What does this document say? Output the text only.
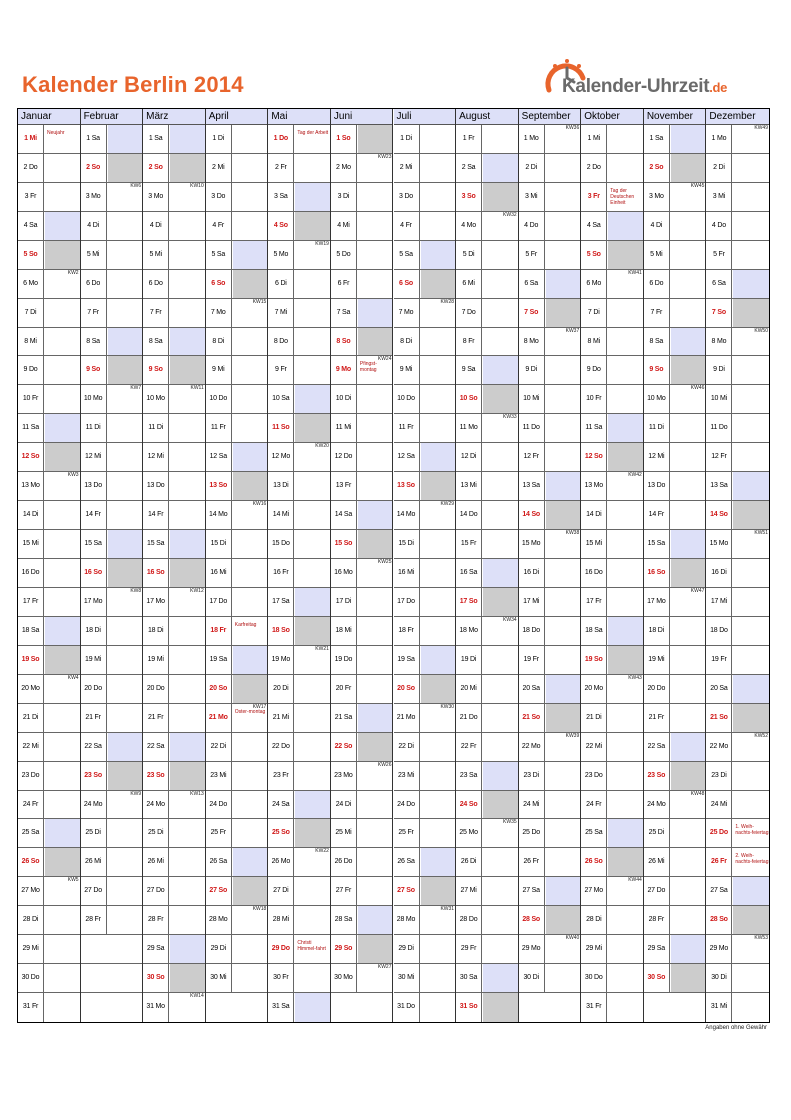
Kalender Berlin 2014	Kalender-Uhrzeit.de
Januar
1 Mi
Neujahr
2 Do
3 Fr
4 Sa
5 So
6 Mo
KW2
7 Di
8 Mi
9 Do
10 Fr
11 Sa
12 So
13 Mo
KW3
14 Di
15 Mi
16 Do
17 Fr
18 Sa
19 So
20 Mo
KW4
21 Di
22 Mi
23 Do
24 Fr
25 Sa
26 So
27 Mo
KW5
28 Di
29 Mi
30 Do
31 Fr
Februar
1 Sa
2 So
3 Mo
KW6
4 Di
5 Mi
6 Do
7 Fr
8 Sa
9 So
10 Mo
KW7
11 Di
12 Mi
13 Do
14 Fr
15 Sa
16 So
17 Mo
KW8
18 Di
19 Mi
20 Do
21 Fr
22 Sa
23 So
24 Mo
KW9
25 Di
26 Mi
27 Do
28 Fr
März
1 Sa
2 So
3 Mo
KW10
4 Di
5 Mi
6 Do
7 Fr
8 Sa
9 So
10 Mo
KW11
11 Di
12 Mi
13 Do
14 Fr
15 Sa
16 So
17 Mo
KW12
18 Di
19 Mi
20 Do
21 Fr
22 Sa
23 So
24 Mo
KW13
25 Di
26 Mi
27 Do
28 Fr
29 Sa
30 So
31 Mo
KW14
April
1 Di
2 Mi
3 Do
4 Fr
5 Sa
6 So
7 Mo
KW15
8 Di
9 Mi
10 Do
11 Fr
12 Sa
13 So
14 Mo
KW16
15 Di
16 Mi
17 Do
18 Fr
Karfreitag
19 Sa
20 So
21 Mo
Oster-montag
KW17
22 Di
23 Mi
24 Do
25 Fr
26 Sa
27 So
28 Mo
KW18
29 Di
30 Mi
Mai
1 Do
Tag der Arbeit
2 Fr
3 Sa
4 So
5 Mo
KW19
6 Di
7 Mi
8 Do
9 Fr
10 Sa
11 So
12 Mo
KW20
13 Di
14 Mi
15 Do
16 Fr
17 Sa
18 So
19 Mo
KW21
20 Di
21 Mi
22 Do
23 Fr
24 Sa
25 So
26 Mo
KW22
27 Di
28 Mi
29 Do
Christi Himmel-fahrt
30 Fr
31 Sa
Juni
1 So
2 Mo
KW23
3 Di
4 Mi
5 Do
6 Fr
7 Sa
8 So
9 Mo
Pfingst-montag
KW24
10 Di
11 Mi
12 Do
13 Fr
14 Sa
15 So
16 Mo
KW25
17 Di
18 Mi
19 Do
20 Fr
21 Sa
22 So
23 Mo
KW26
24 Di
25 Mi
26 Do
27 Fr
28 Sa
29 So
30 Mo
KW27
Juli
1 Di
2 Mi
3 Do
4 Fr
5 Sa
6 So
7 Mo
KW28
8 Di
9 Mi
10 Do
11 Fr
12 Sa
13 So
14 Mo
KW29
15 Di
16 Mi
17 Do
18 Fr
19 Sa
20 So
21 Mo
KW30
22 Di
23 Mi
24 Do
25 Fr
26 Sa
27 So
28 Mo
KW31
29 Di
30 Mi
31 Do
August
1 Fr
2 Sa
3 So
4 Mo
KW32
5 Di
6 Mi
7 Do
8 Fr
9 Sa
10 So
11 Mo
KW33
12 Di
13 Mi
14 Do
15 Fr
16 Sa
17 So
18 Mo
KW34
19 Di
20 Mi
21 Do
22 Fr
23 Sa
24 So
25 Mo
KW35
26 Di
27 Mi
28 Do
29 Fr
30 Sa
31 So
September
1 Mo
KW36
2 Di
3 Mi
4 Do
5 Fr
6 Sa
7 So
8 Mo
KW37
9 Di
10 Mi
11 Do
12 Fr
13 Sa
14 So
15 Mo
KW38
16 Di
17 Mi
18 Do
19 Fr
20 Sa
21 So
22 Mo
KW39
23 Di
24 Mi
25 Do
26 Fr
27 Sa
28 So
29 Mo
KW40
30 Di
Oktober
1 Mi
2 Do
3 Fr
Tag der Deutschen Einheit
4 Sa
5 So
6 Mo
KW41
7 Di
8 Mi
9 Do
10 Fr
11 Sa
12 So
13 Mo
KW42
14 Di
15 Mi
16 Do
17 Fr
18 Sa
19 So
20 Mo
KW43
21 Di
22 Mi
23 Do
24 Fr
25 Sa
26 So
27 Mo
KW44
28 Di
29 Mi
30 Do
31 Fr
November
1 Sa
2 So
3 Mo
KW45
4 Di
5 Mi
6 Do
7 Fr
8 Sa
9 So
10 Mo
KW46
11 Di
12 Mi
13 Do
14 Fr
15 Sa
16 So
17 Mo
KW47
18 Di
19 Mi
20 Do
21 Fr
22 Sa
23 So
24 Mo
KW48
25 Di
26 Mi
27 Do
28 Fr
29 Sa
30 So
Dezember
1 Mo
KW49
2 Di
3 Mi
4 Do
5 Fr
6 Sa
7 So
8 Mo
KW50
9 Di
10 Mi
11 Do
12 Fr
13 Sa
14 So
15 Mo
KW51
16 Di
17 Mi
18 Do
19 Fr
20 Sa
21 So
22 Mo
KW52
23 Di
24 Mi
25 Do
1. Weih-nachts-feiertag
26 Fr
2. Weih-nachts-feiertag
27 Sa
28 So
29 Mo
KW53
30 Di
31 Mi
Angaben ohne Gewähr
